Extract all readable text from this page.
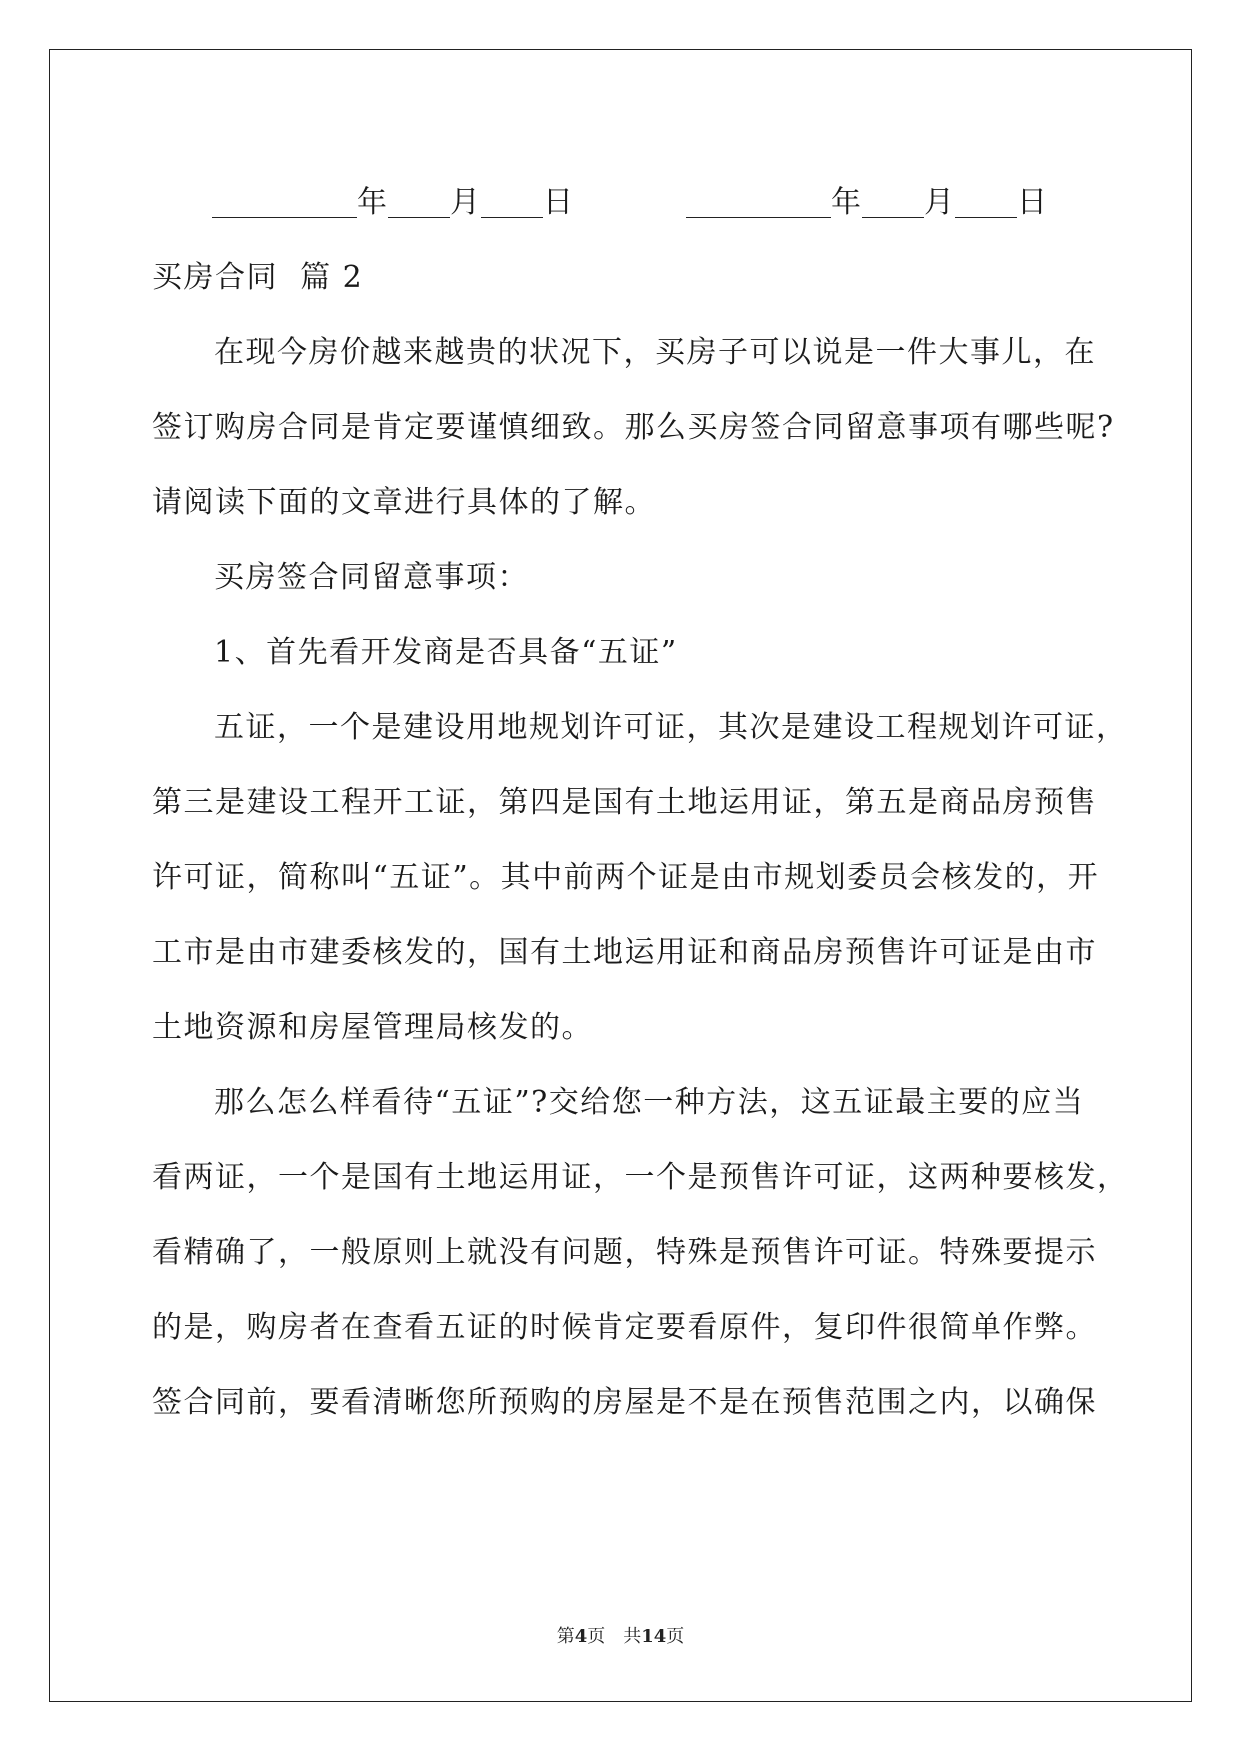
年 月 日	年 月 日
买房合同  篇 2
在现今房价越来越贵的状况下，买房子可以说是一件大事儿，在
签订购房合同是肯定要谨慎细致。那么买房签合同留意事项有哪些呢?
请阅读下面的文章进行具体的了解。
买房签合同留意事项：
1、首先看开发商是否具备“五证”
五证，一个是建设用地规划许可证，其次是建设工程规划许可证，
第三是建设工程开工证，第四是国有土地运用证，第五是商品房预售
许可证，简称叫“五证”。其中前两个证是由市规划委员会核发的，开
工市是由市建委核发的，国有土地运用证和商品房预售许可证是由市
土地资源和房屋管理局核发的。
那么怎么样看待“五证”?交给您一种方法，这五证最主要的应当
看两证，一个是国有土地运用证，一个是预售许可证，这两种要核发，
看精确了，一般原则上就没有问题，特殊是预售许可证。特殊要提示
的是，购房者在查看五证的时候肯定要看原件，复印件很简单作弊。
签合同前，要看清晰您所预购的房屋是不是在预售范围之内，以确保
第4页 共14页
